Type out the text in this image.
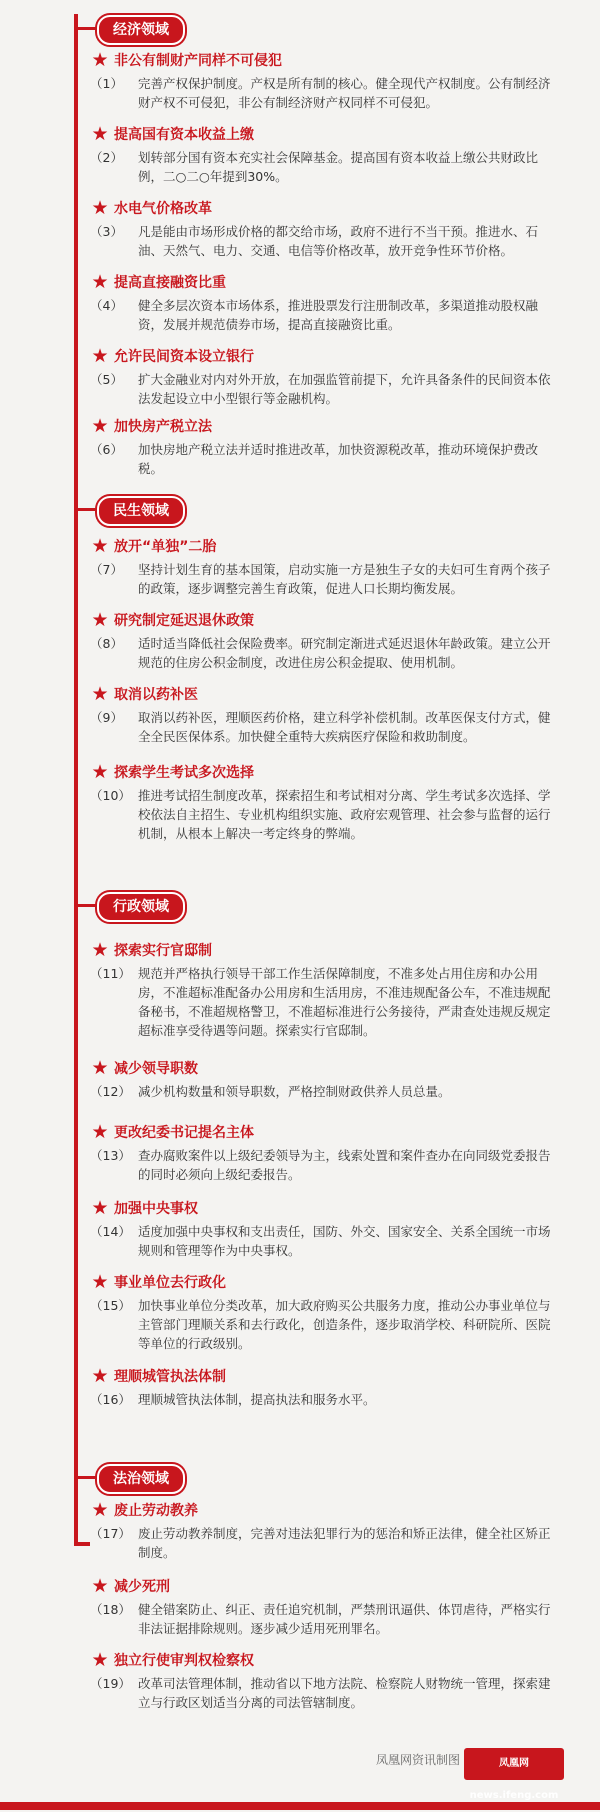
经济领域
民生领域
行政领域
法治领域
★ 非公有制财产同样不可侵犯
（1）	完善产权保护制度。产权是所有制的核心。健全现代产权制度。公有制经济财产权不可侵犯，非公有制经济财产权同样不可侵犯。
★ 提高国有资本收益上缴
（2）	划转部分国有资本充实社会保障基金。提高国有资本收益上缴公共财政比例，二○二○年提到30%。
★ 水电气价格改革
（3）	凡是能由市场形成价格的都交给市场，政府不进行不当干预。推进水、石油、天然气、电力、交通、电信等价格改革，放开竞争性环节价格。
★ 提高直接融资比重
（4）	健全多层次资本市场体系，推进股票发行注册制改革，多渠道推动股权融资，发展并规范债券市场，提高直接融资比重。
★ 允许民间资本设立银行
（5）	扩大金融业对内对外开放，在加强监管前提下，允许具备条件的民间资本依法发起设立中小型银行等金融机构。
★ 加快房产税立法
（6）	加快房地产税立法并适时推进改革，加快资源税改革，推动环境保护费改税。
★ 放开“单独”二胎
（7）	坚持计划生育的基本国策，启动实施一方是独生子女的夫妇可生育两个孩子的政策，逐步调整完善生育政策，促进人口长期均衡发展。
★ 研究制定延迟退休政策
（8）	适时适当降低社会保险费率。研究制定渐进式延迟退休年龄政策。建立公开规范的住房公积金制度，改进住房公积金提取、使用机制。
★ 取消以药补医
（9）	取消以药补医，理顺医药价格，建立科学补偿机制。改革医保支付方式，健全全民医保体系。加快健全重特大疾病医疗保险和救助制度。
★ 探索学生考试多次选择
（10） 推进考试招生制度改革，探索招生和考试相对分离、学生考试多次选择、学校依法自主招生、专业机构组织实施、政府宏观管理、社会参与监督的运行机制，从根本上解决一考定终身的弊端。
★ 探索实行官邸制
（11） 规范并严格执行领导干部工作生活保障制度，不准多处占用住房和办公用房，不准超标准配备办公用房和生活用房，不准违规配备公车，不准违规配备秘书，不准超规格警卫，不准超标准进行公务接待，严肃查处违规反规定超标准享受待遇等问题。探索实行官邸制。
★ 减少领导职数
（12） 减少机构数量和领导职数，严格控制财政供养人员总量。
★ 更改纪委书记提名主体
（13） 查办腐败案件以上级纪委领导为主，线索处置和案件查办在向同级党委报告的同时必须向上级纪委报告。
★ 加强中央事权
（14） 适度加强中央事权和支出责任，国防、外交、国家安全、关系全国统一市场规则和管理等作为中央事权。
★ 事业单位去行政化
（15） 加快事业单位分类改革，加大政府购买公共服务力度，推动公办事业单位与主管部门理顺关系和去行政化，创造条件，逐步取消学校、科研院所、医院等单位的行政级别。
★ 理顺城管执法体制
（16） 理顺城管执法体制，提高执法和服务水平。
★ 废止劳动教养
（17） 废止劳动教养制度，完善对违法犯罪行为的惩治和矫正法律，健全社区矫正制度。
★ 减少死刑
（18） 健全错案防止、纠正、责任追究机制，严禁刑讯逼供、体罚虐待，严格实行非法证据排除规则。逐步减少适用死刑罪名。
★ 独立行使审判权检察权
（19） 改革司法管理体制，推动省以下地方法院、检察院人财物统一管理，探索建立与行政区划适当分离的司法管辖制度。
凤凰网资讯制图	凤凰网 news.ifeng.com
